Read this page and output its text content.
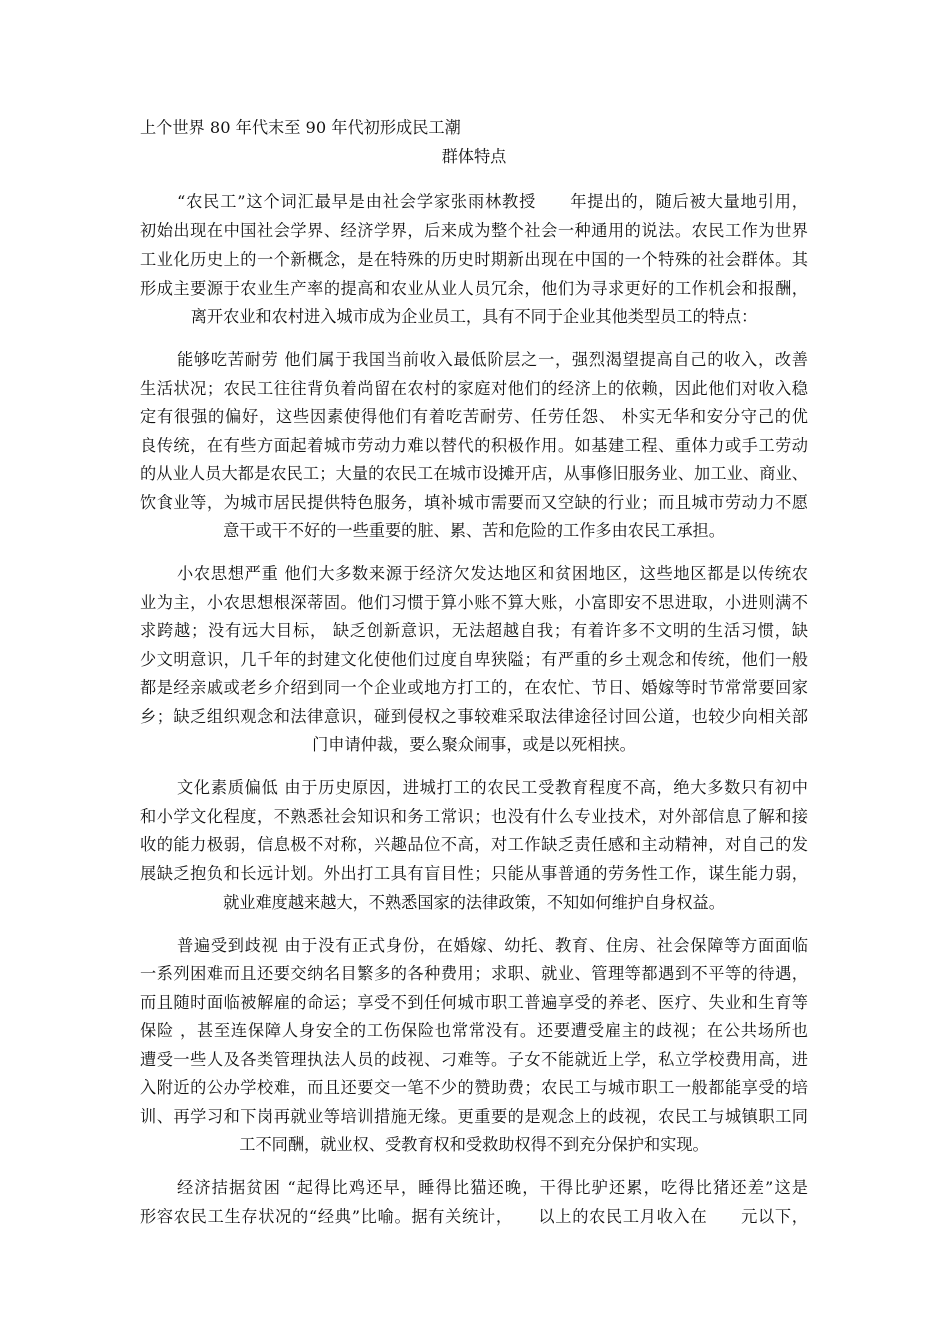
上个世界 80 年代末至 90 年代初形成民工潮
群体特点
“农民工”这个词汇最早是由社会学家张雨林教授　　年提出的，随后被大量地引用，
初始出现在中国社会学界、经济学界，后来成为整个社会一种通用的说法。农民工作为世界
工业化历史上的一个新概念，是在特殊的历史时期新出现在中国的一个特殊的社会群体。其
形成主要源于农业生产率的提高和农业从业人员冗余，他们为寻求更好的工作机会和报酬，
离开农业和农村进入城市成为企业员工，具有不同于企业其他类型员工的特点：
能够吃苦耐劳 他们属于我国当前收入最低阶层之一，强烈渴望提高自己的收入，改善
生活状况；农民工往往背负着尚留在农村的家庭对他们的经济上的依赖，因此他们对收入稳
定有很强的偏好，这些因素使得他们有着吃苦耐劳、任劳任怨、 朴实无华和安分守己的优
良传统，在有些方面起着城市劳动力难以替代的积极作用。如基建工程、重体力或手工劳动
的从业人员大都是农民工；大量的农民工在城市设摊开店，从事修旧服务业、加工业、商业、
饮食业等，为城市居民提供特色服务，填补城市需要而又空缺的行业；而且城市劳动力不愿
意干或干不好的一些重要的脏、累、苦和危险的工作多由农民工承担。
小农思想严重 他们大多数来源于经济欠发达地区和贫困地区，这些地区都是以传统农
业为主，小农思想根深蒂固。他们习惯于算小账不算大账，小富即安不思进取，小进则满不
求跨越；没有远大目标， 缺乏创新意识，无法超越自我；有着许多不文明的生活习惯，缺
少文明意识，几千年的封建文化使他们过度自卑狭隘；有严重的乡土观念和传统，他们一般
都是经亲戚或老乡介绍到同一个企业或地方打工的，在农忙、节日、婚嫁等时节常常要回家
乡；缺乏组织观念和法律意识，碰到侵权之事较难采取法律途径讨回公道，也较少向相关部
门申请仲裁，要么聚众闹事，或是以死相挟。
文化素质偏低 由于历史原因，进城打工的农民工受教育程度不高，绝大多数只有初中
和小学文化程度，不熟悉社会知识和务工常识；也没有什么专业技术，对外部信息了解和接
收的能力极弱，信息极不对称，兴趣品位不高，对工作缺乏责任感和主动精神，对自己的发
展缺乏抱负和长远计划。外出打工具有盲目性；只能从事普通的劳务性工作，谋生能力弱，
就业难度越来越大，不熟悉国家的法律政策，不知如何维护自身权益。
普遍受到歧视 由于没有正式身份，在婚嫁、幼托、教育、住房、社会保障等方面面临
一系列困难而且还要交纳名目繁多的各种费用；求职、就业、管理等都遇到不平等的待遇，
而且随时面临被解雇的命运；享受不到任何城市职工普遍享受的养老、医疗、失业和生育等
保险 ，甚至连保障人身安全的工伤保险也常常没有。还要遭受雇主的歧视；在公共场所也
遭受一些人及各类管理执法人员的歧视、刁难等。子女不能就近上学，私立学校费用高，进
入附近的公办学校难，而且还要交一笔不少的赞助费；农民工与城市职工一般都能享受的培
训、再学习和下岗再就业等培训措施无缘。更重要的是观念上的歧视，农民工与城镇职工同
工不同酬，就业权、受教育权和受救助权得不到充分保护和实现。
经济拮据贫困 “起得比鸡还早，睡得比猫还晚，干得比驴还累，吃得比猪还差”这是
形容农民工生存状况的“经典”比喻。据有关统计，　　以上的农民工月收入在　　元以下，
